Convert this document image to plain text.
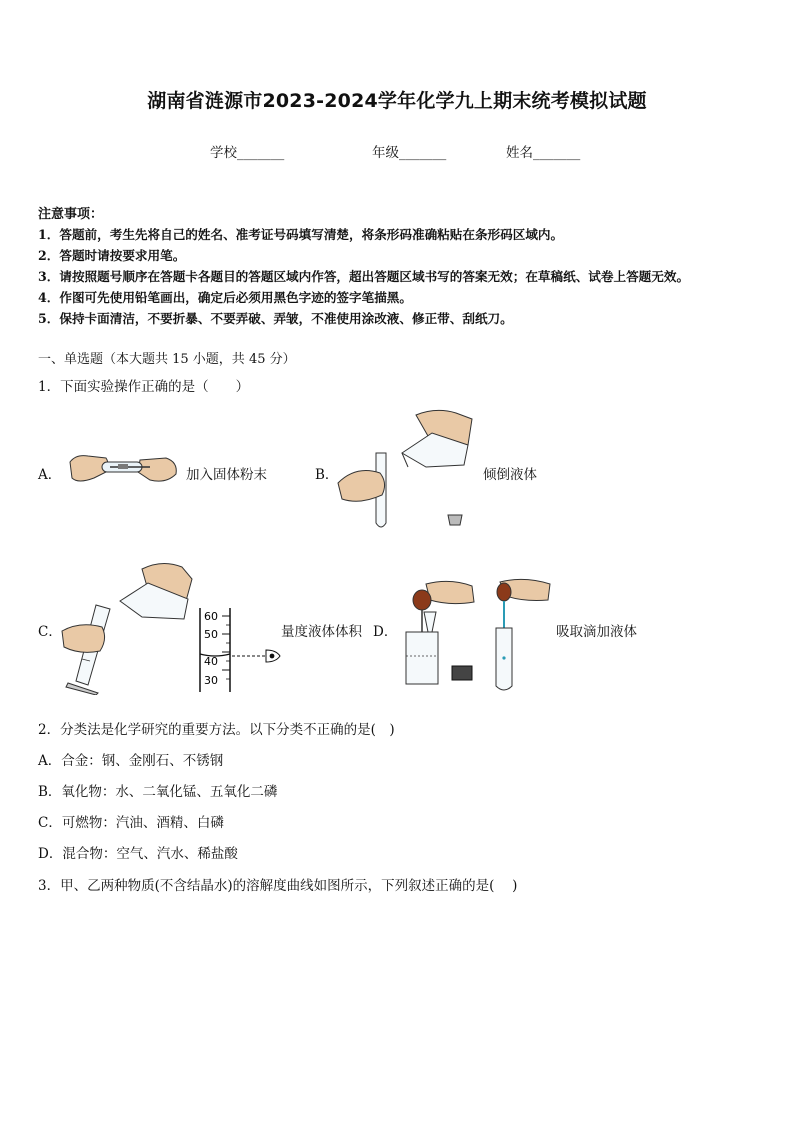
湖南省涟源市2023-2024学年化学九上期末统考模拟试题
学校_______	年级_______	姓名_______
注意事项：
1．答题前，考生先将自己的姓名、准考证号码填写清楚，将条形码准确粘贴在条形码区域内。
2．答题时请按要求用笔。
3．请按照题号顺序在答题卡各题目的答题区域内作答，超出答题区域书写的答案无效；在草稿纸、试卷上答题无效。
4．作图可先使用铅笔画出，确定后必须用黑色字迹的签字笔描黑。
5．保持卡面清洁，不要折暴、不要弄破、弄皱，不准使用涂改液、修正带、刮纸刀。
一、单选题（本大题共 15 小题，共 45 分）
1．下面实验操作正确的是（　　）
A．	加入固体粉末	B．	倾倒液体
C．
60
50
40
30
量度液体体积 D．	吸取滴加液体
2．分类法是化学研究的重要方法。以下分类不正确的是(　)
A．合金：钢、金刚石、不锈钢
B．氧化物：水、二氧化锰、五氧化二磷
C．可燃物：汽油、酒精、白磷
D．混合物：空气、汽水、稀盐酸
3．甲、乙两种物质(不含结晶水)的溶解度曲线如图所示，下列叙述正确的是(　 )
